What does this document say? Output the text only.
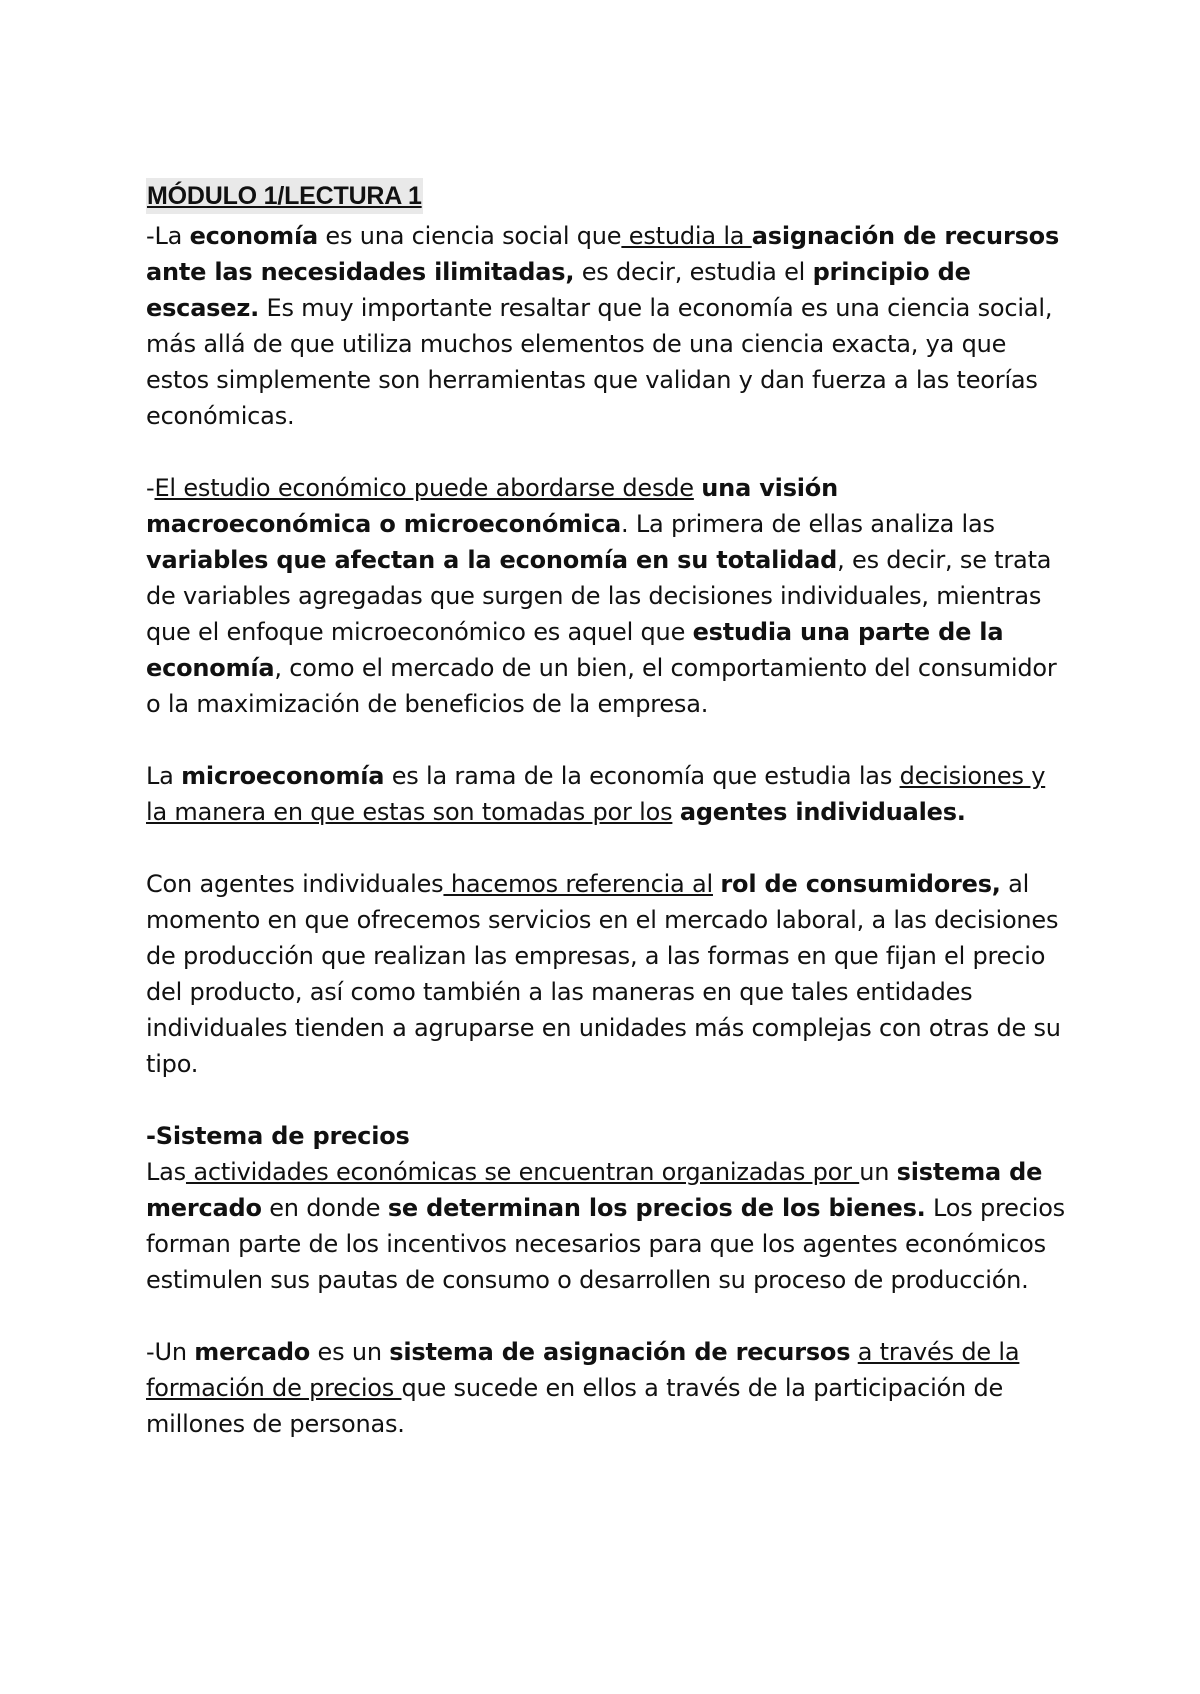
MÓDULO 1/LECTURA 1

-La economía es una ciencia social que estudia la asignación de recursos ante las necesidades ilimitadas, es decir, estudia el principio de escasez. Es muy importante resaltar que la economía es una ciencia social, más allá de que utiliza muchos elementos de una ciencia exacta, ya que estos simplemente son herramientas que validan y dan fuerza a las teorías económicas.

-El estudio económico puede abordarse desde una visión macroeconómica o microeconómica. La primera de ellas analiza las variables que afectan a la economía en su totalidad, es decir, se trata de variables agregadas que surgen de las decisiones individuales, mientras que el enfoque microeconómico es aquel que estudia una parte de la economía, como el mercado de un bien, el comportamiento del consumidor o la maximización de beneficios de la empresa.

La microeconomía es la rama de la economía que estudia las decisiones y la manera en que estas son tomadas por los agentes individuales.

Con agentes individuales hacemos referencia al rol de consumidores, al momento en que ofrecemos servicios en el mercado laboral, a las decisiones de producción que realizan las empresas, a las formas en que fijan el precio del producto, así como también a las maneras en que tales entidades individuales tienden a agruparse en unidades más complejas con otras de su tipo.

-Sistema de precios

Las actividades económicas se encuentran organizadas por un sistema de mercado en donde se determinan los precios de los bienes. Los precios forman parte de los incentivos necesarios para que los agentes económicos estimulen sus pautas de consumo o desarrollen su proceso de producción.

-Un mercado es un sistema de asignación de recursos a través de la formación de precios que sucede en ellos a través de la participación de millones de personas.
